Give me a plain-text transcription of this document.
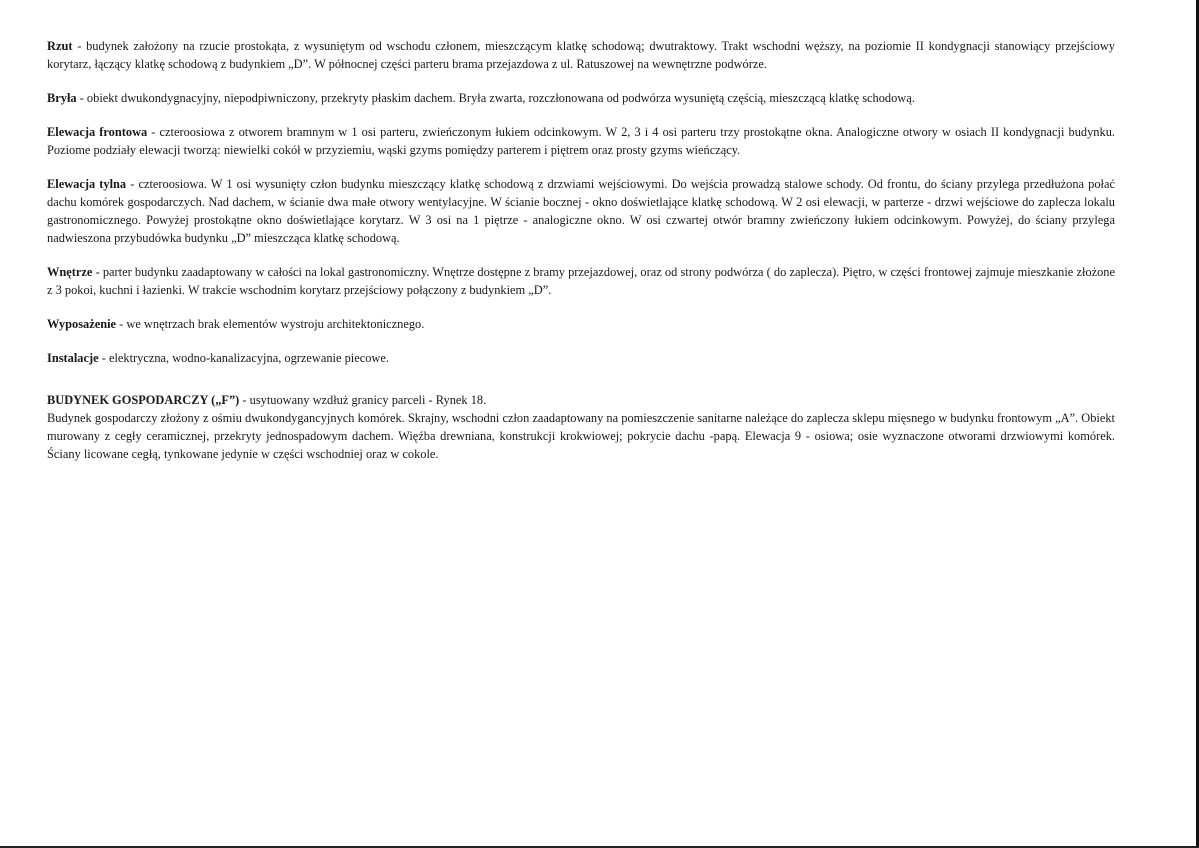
Rzut - budynek założony na rzucie prostokąta, z wysuniętym od wschodu członem, mieszczącym klatkę schodową; dwutraktowy. Trakt wschodni węższy, na poziomie II kondygnacji stanowiący przejściowy korytarz, łączący klatkę schodową z budynkiem „D”. W północnej części parteru brama przejazdowa z ul. Ratuszowej na wewnętrzne podwórze.

Bryła - obiekt dwukondygnacyjny, niepodpiwniczony, przekryty płaskim dachem. Bryła zwarta, rozczłonowana od podwórza wysuniętą częścią, mieszczącą klatkę schodową.

Elewacja frontowa - czteroosiowa z otworem bramnym w 1 osi parteru, zwieńczonym łukiem odcinkowym. W 2, 3 i 4 osi parteru trzy prostokątne okna. Analogiczne otwory w osiach II kondygnacji budynku. Poziome podziały elewacji tworzą: niewielki cokół w przyziemiu, wąski gzyms pomiędzy parterem i piętrem oraz prosty gzyms wieńczący.

Elewacja tylna - czteroosiowa. W 1 osi wysunięty człon budynku mieszczący klatkę schodową z drzwiami wejściowymi. Do wejścia prowadzą stalowe schody. Od frontu, do ściany przylega przedłużona połać dachu komórek gospodarczych. Nad dachem, w ścianie dwa małe otwory wentylacyjne. W ścianie bocznej - okno doświetlające klatkę schodową. W 2 osi elewacji, w parterze - drzwi wejściowe do zaplecza lokalu gastronomicznego. Powyżej prostokątne okno doświetlające korytarz. W 3 osi na 1 piętrze - analogiczne okno. W osi czwartej otwór bramny zwieńczony łukiem odcinkowym. Powyżej, do ściany przylega nadwieszona przybudówka budynku „D” mieszcząca klatkę schodową.

Wnętrze - parter budynku zaadaptowany w całości na lokal gastronomiczny. Wnętrze dostępne z bramy przejazdowej, oraz od strony podwórza ( do zaplecza). Piętro, w części frontowej zajmuje mieszkanie złożone z 3 pokoi, kuchni i łazienki. W trakcie wschodnim korytarz przejściowy połączony z budynkiem „D”.

Wyposażenie - we wnętrzach brak elementów wystroju architektonicznego.

Instalacje - elektryczna, wodno-kanalizacyjna, ogrzewanie piecowe.

BUDYNEK GOSPODARCZY („F”) - usytuowany wzdłuż granicy parceli - Rynek 18.

Budynek gospodarczy złożony z ośmiu dwukondygancyjnych komórek. Skrajny, wschodni człon zaadaptowany na pomieszczenie sanitarne należące do zaplecza sklepu mięsnego w budynku frontowym „A”. Obiekt murowany z cegły ceramicznej, przekryty jednospadowym dachem. Więźba drewniana, konstrukcji krokwiowej; pokrycie dachu -papą. Elewacja 9 - osiowa; osie wyznaczone otworami drzwiowymi komórek. Ściany licowane cegłą, tynkowane jedynie w części wschodniej oraz w cokole.
